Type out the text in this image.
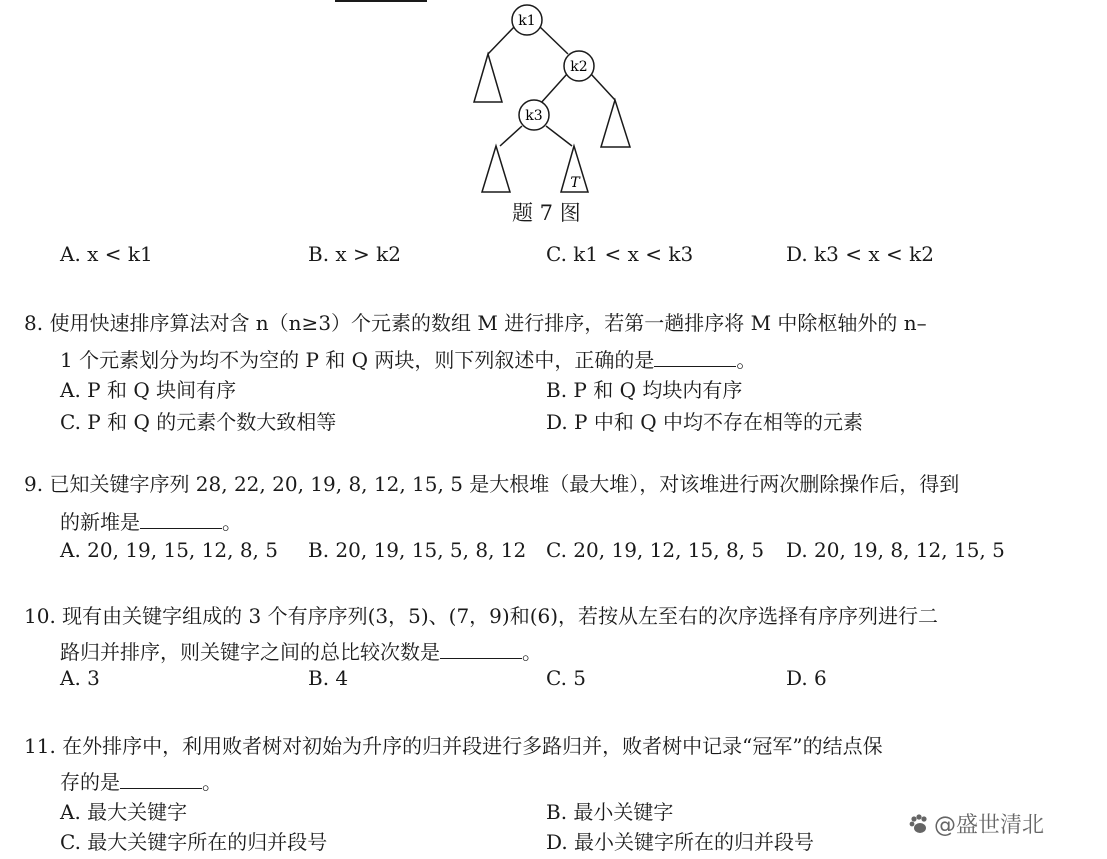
k1
k2
k3
T
题 7 图
A. x < k1	B. x > k2	C. k1 < x < k3	D. k3 < x < k2
8. 使用快速排序算法对含 n（n≥3）个元素的数组 M 进行排序，若第一趟排序将 M 中除枢轴外的 n–
1 个元素划分为均不为空的 P 和 Q 两块，则下列叙述中，正确的是	。
A. P 和 Q 块间有序	B. P 和 Q 均块内有序
C. P 和 Q 的元素个数大致相等	D. P 中和 Q 中均不存在相等的元素
9. 已知关键字序列 28, 22, 20, 19, 8, 12, 15, 5 是大根堆（最大堆），对该堆进行两次删除操作后，得到
的新堆是	。
A. 20, 19, 15, 12, 8, 5 B. 20, 19, 15, 5, 8, 12 C. 20, 19, 12, 15, 8, 5 D. 20, 19, 8, 12, 15, 5
10. 现有由关键字组成的 3 个有序序列(3，5)、(7，9)和(6)，若按从左至右的次序选择有序序列进行二
路归并排序，则关键字之间的总比较次数是	。
A. 3	B. 4	C. 5	D. 6
11. 在外排序中，利用败者树对初始为升序的归并段进行多路归并，败者树中记录“冠军”的结点保
存的是	。
A. 最大关键字	B. 最小关键字
C. 最大关键字所在的归并段号	D. 最小关键字所在的归并段号
@盛世清北
